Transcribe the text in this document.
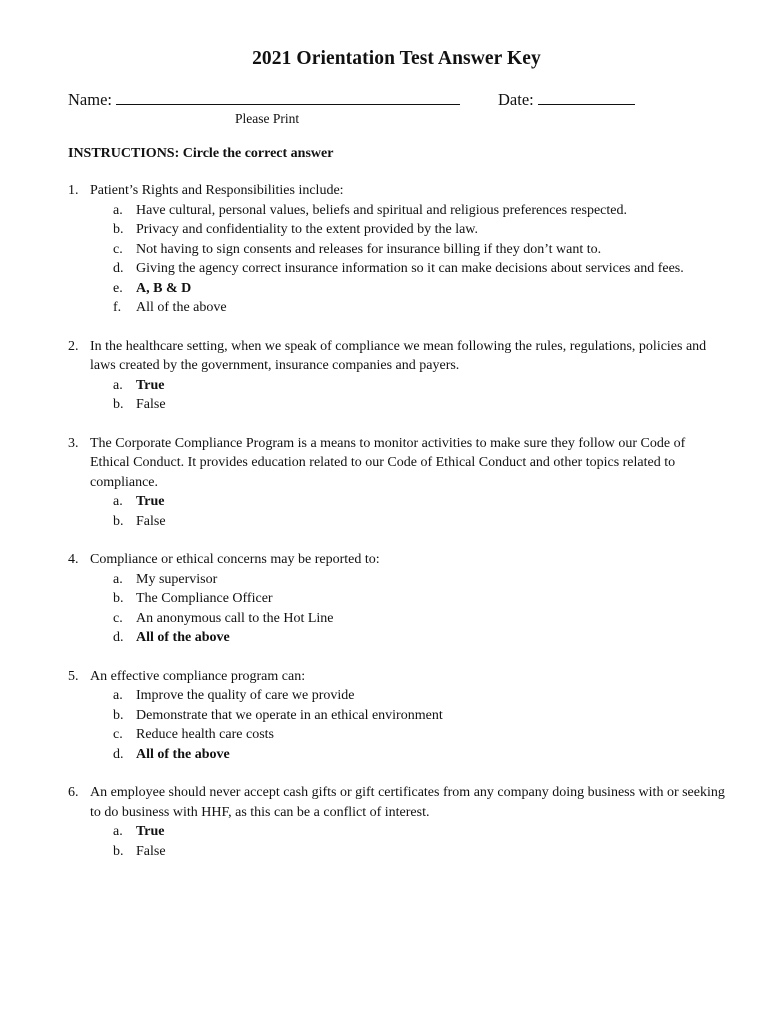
2021 Orientation Test Answer Key
Name:	Date:
Please Print
INSTRUCTIONS: Circle the correct answer
1. Patient’s Rights and Responsibilities include:
a. Have cultural, personal values, beliefs and spiritual and religious preferences respected.
b. Privacy and confidentiality to the extent provided by the law.
c. Not having to sign consents and releases for insurance billing if they don’t want to.
d. Giving the agency correct insurance information so it can make decisions about services and fees.
e. A, B & D
f.	All of the above
2. In the healthcare setting, when we speak of compliance we mean following the rules, regulations, policies and laws created by the government, insurance companies and payers.
a. True
b. False
3. The Corporate Compliance Program is a means to monitor activities to make sure they follow our Code of Ethical Conduct. It provides education related to our Code of Ethical Conduct and other topics related to compliance.
a. True
b. False
4. Compliance or ethical concerns may be reported to:
a. My supervisor
b. The Compliance Officer
c. An anonymous call to the Hot Line
d. All of the above
5. An effective compliance program can:
a. Improve the quality of care we provide
b. Demonstrate that we operate in an ethical environment
c. Reduce health care costs
d. All of the above
6. An employee should never accept cash gifts or gift certificates from any company doing business with or seeking to do business with HHF, as this can be a conflict of interest.
a. True
b. False
